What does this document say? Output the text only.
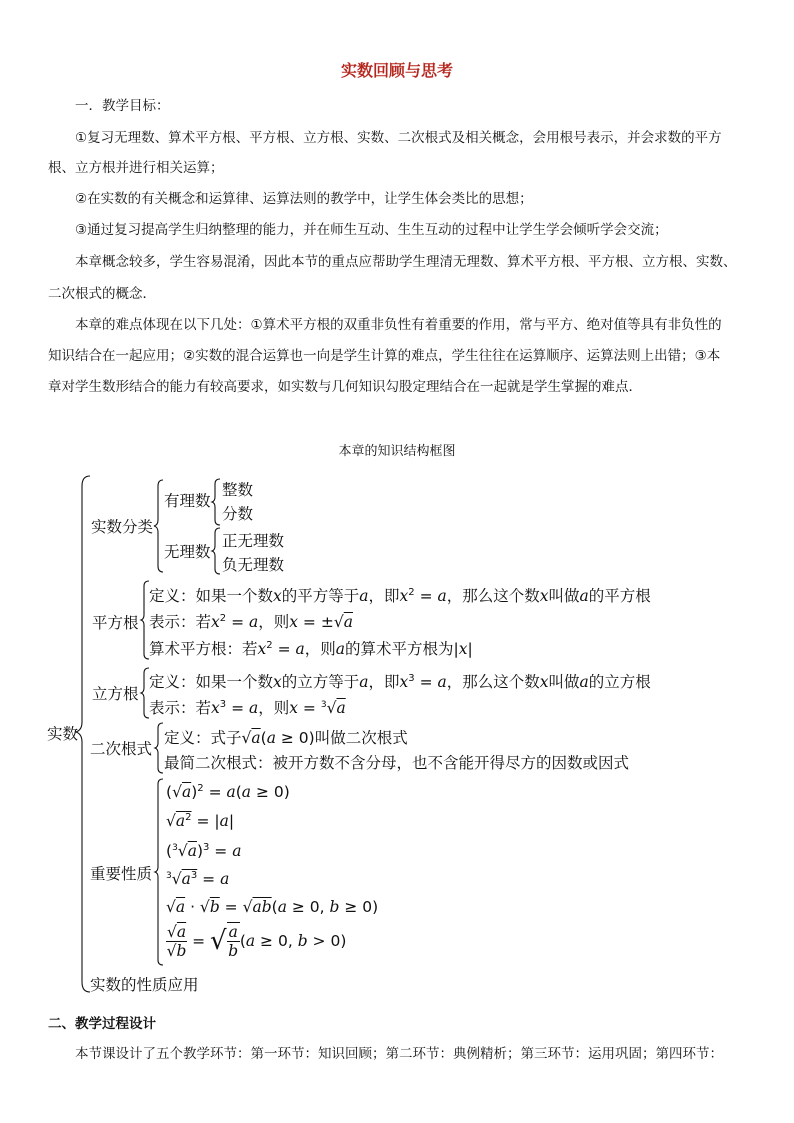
实数回顾与思考
一．教学目标：
①复习无理数、算术平方根、平方根、立方根、实数、二次根式及相关概念，会用根号表示，并会求数的平方
根、立方根并进行相关运算；
②在实数的有关概念和运算律、运算法则的教学中，让学生体会类比的思想；
③通过复习提高学生归纳整理的能力，并在师生互动、生生互动的过程中让学生学会倾听学会交流；
本章概念较多，学生容易混淆，因此本节的重点应帮助学生理清无理数、算术平方根、平方根、立方根、实数、
二次根式的概念．
本章的难点体现在以下几处：①算术平方根的双重非负性有着重要的作用，常与平方、绝对值等具有非负性的
知识结合在一起应用；②实数的混合运算也一向是学生计算的难点，学生往往在运算顺序、运算法则上出错；③本
章对学生数形结合的能力有较高要求，如实数与几何知识勾股定理结合在一起就是学生掌握的难点．
本章的知识结构框图
实数
实数分类
有理数
整数
分数
无理数
正无理数
负无理数
平方根
定义：如果一个数x的平方等于a，即$x^2 = a$，那么这个数x叫做a的平方根
表示：若$x^2 = a$，则x = ±√a
算术平方根：若$x^2 = a$，则a的算术平方根为|x|
立方根
定义：如果一个数x的立方等于a，即$x^3 = a$，那么这个数x叫做a的立方根
表示：若$x^3 = a$，则x = $^3$√a
二次根式
定义：式子√a(a ≥ 0)叫做二次根式
最简二次根式：被开方数不含分母，也不含能开得尽方的因数或因式
重要性质
$(√a)^2 = a(a \ge 0)$
$√a^2 = |a|$
$(^3√a)^3 = a$
$^3√a^3 = a$
√a · √b = √ab(a ≥ 0, b ≥ 0)
$\frac{√a}{√b}$ = √ $\frac{a}{b} (a \ge 0$, b > 0)
实数的性质应用
二、教学过程设计
本节课设计了五个教学环节：第一环节：知识回顾；第二环节：典例精析；第三环节：运用巩固；第四环节：
